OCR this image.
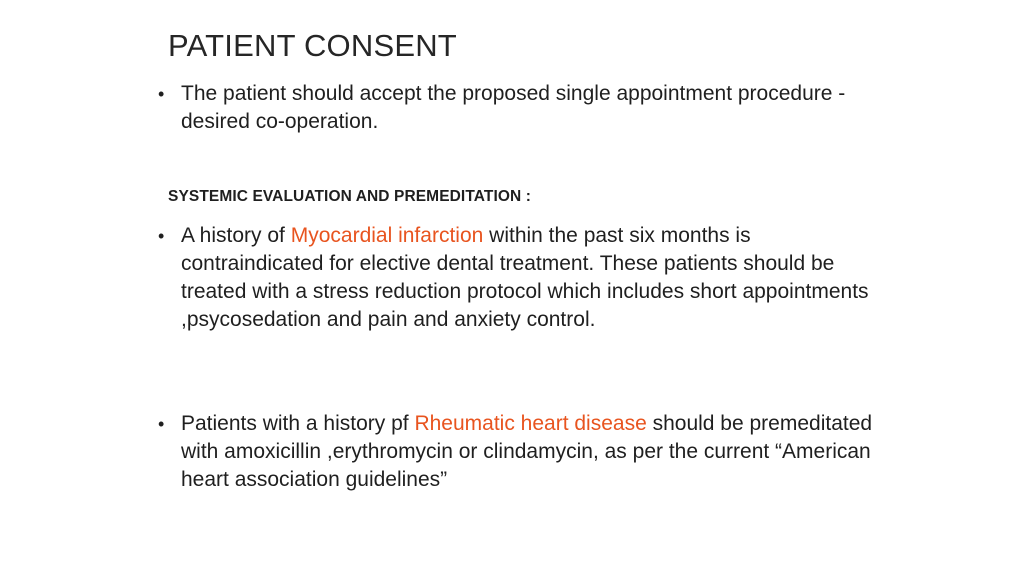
PATIENT CONSENT
• The patient should accept the proposed single appointment procedure - desired co-operation.
SYSTEMIC EVALUATION AND PREMEDITATION :
• A history of Myocardial infarction within the past six months is contraindicated for elective dental treatment. These patients should be treated with a stress reduction protocol which includes short appointments ,psycosedation and pain and anxiety control.
• Patients with a history pf Rheumatic heart disease should be premeditated with amoxicillin ,erythromycin or clindamycin, as per the current “American heart association guidelines”
